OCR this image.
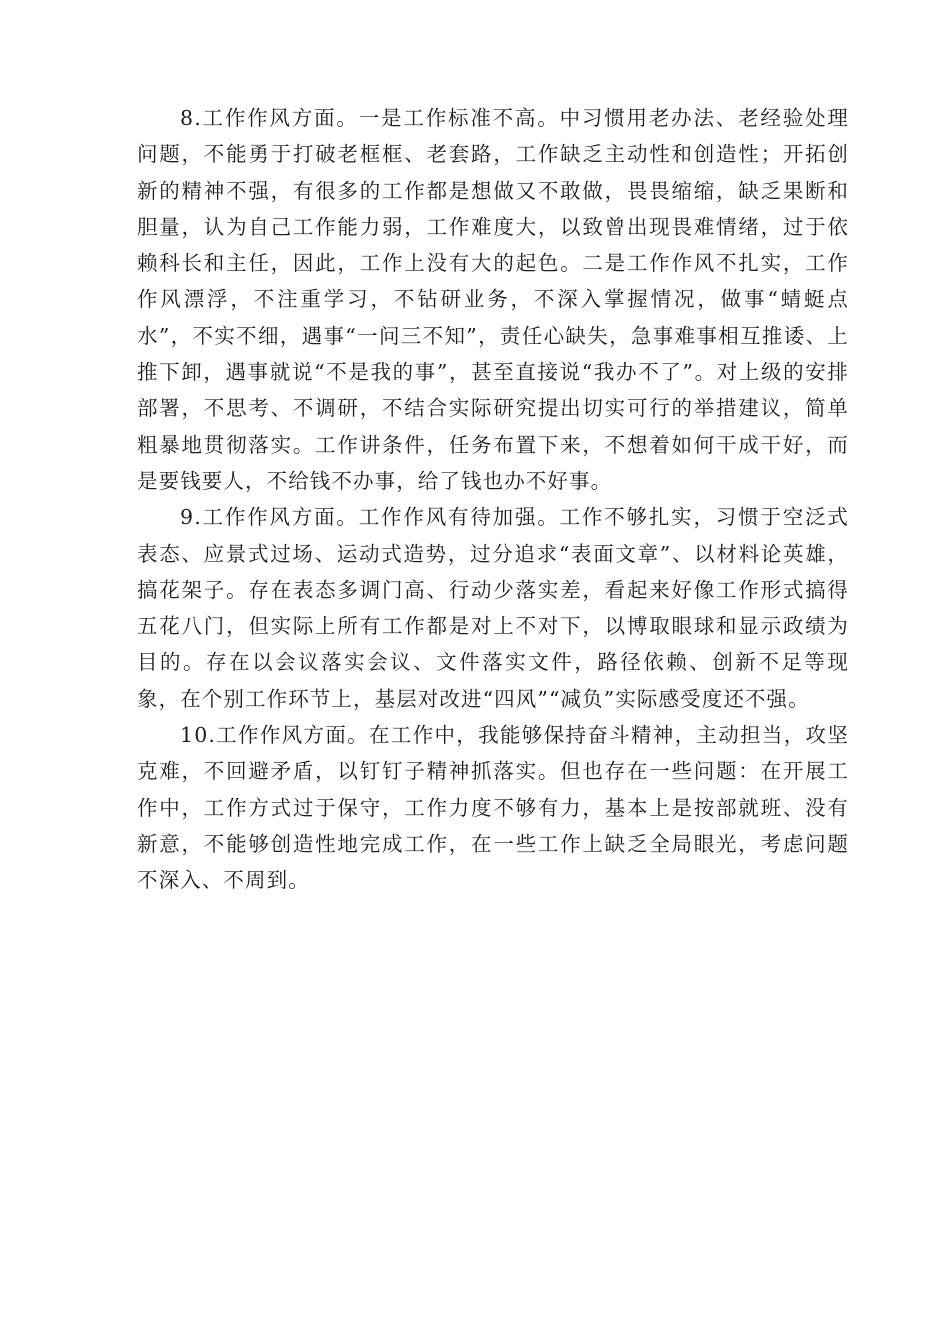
8.工作作风方面。一是工作标准不高。中习惯用老办法、老经验处理问题，不能勇于打破老框框、老套路，工作缺乏主动性和创造性；开拓创新的精神不强，有很多的工作都是想做又不敢做，畏畏缩缩，缺乏果断和胆量，认为自己工作能力弱，工作难度大，以致曾出现畏难情绪，过于依赖科长和主任，因此，工作上没有大的起色。二是工作作风不扎实，工作作风漂浮，不注重学习，不钻研业务，不深入掌握情况，做事“蜻蜓点水”，不实不细，遇事“一问三不知”，责任心缺失，急事难事相互推诿、上推下卸，遇事就说“不是我的事”，甚至直接说“我办不了”。对上级的安排部署，不思考、不调研，不结合实际研究提出切实可行的举措建议，简单粗暴地贯彻落实。工作讲条件，任务布置下来，不想着如何干成干好，而是要钱要人，不给钱不办事，给了钱也办不好事。

9.工作作风方面。工作作风有待加强。工作不够扎实，习惯于空泛式表态、应景式过场、运动式造势，过分追求“表面文章”、以材料论英雄，搞花架子。存在表态多调门高、行动少落实差，看起来好像工作形式搞得五花八门，但实际上所有工作都是对上不对下，以博取眼球和显示政绩为目的。存在以会议落实会议、文件落实文件，路径依赖、创新不足等现象，在个别工作环节上，基层对改进“四风”“减负”实际感受度还不强。

10.工作作风方面。在工作中，我能够保持奋斗精神，主动担当，攻坚克难，不回避矛盾，以钉钉子精神抓落实。但也存在一些问题：在开展工作中，工作方式过于保守，工作力度不够有力，基本上是按部就班、没有新意，不能够创造性地完成工作，在一些工作上缺乏全局眼光，考虑问题不深入、不周到。
